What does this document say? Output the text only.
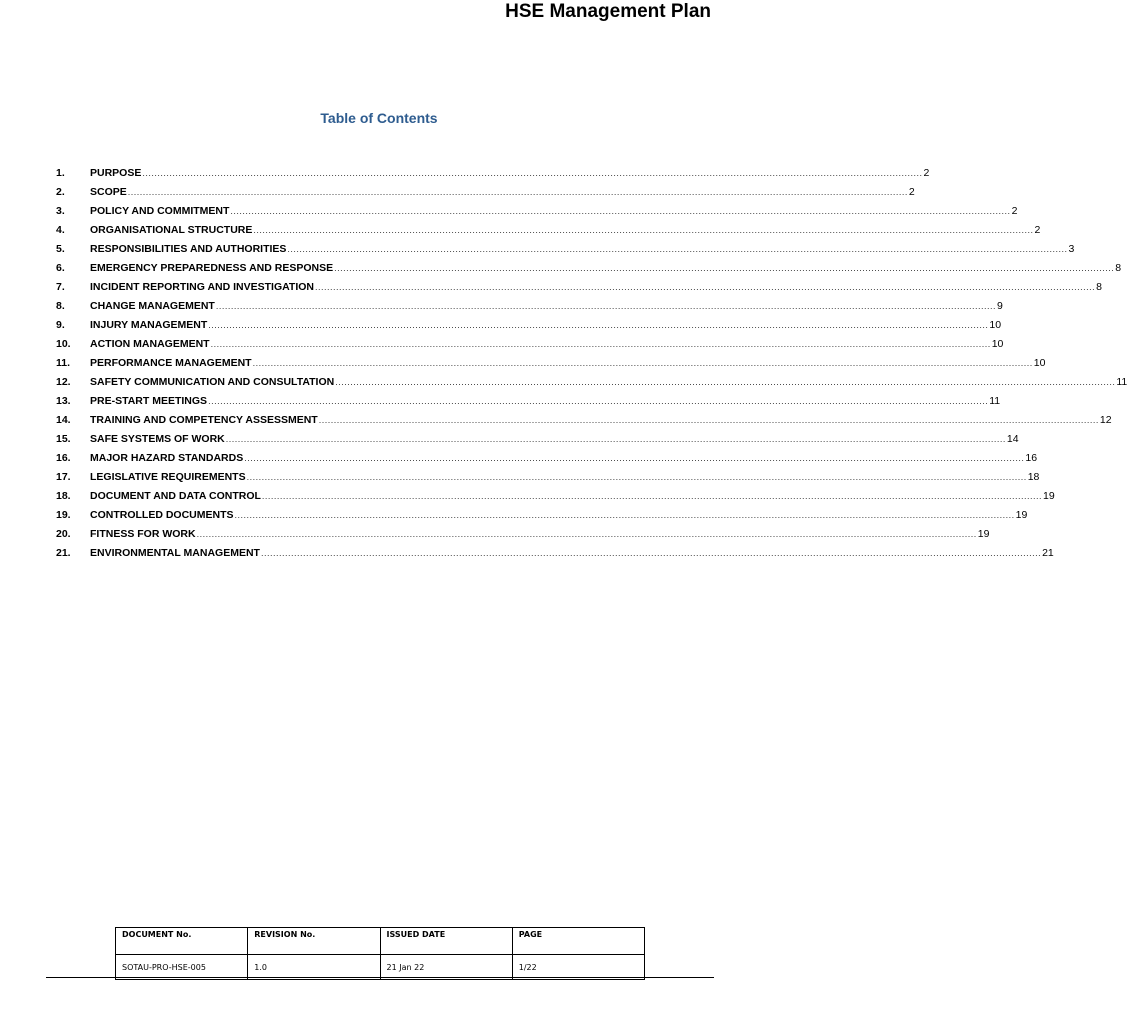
HSE Management Plan
Table of Contents
1.	PURPOSE .................................................................................................................................................................................................................................................................... 2
2.	SCOPE .................................................................................................................................................................................................................................................................... 2
3.	POLICY AND COMMITMENT .................................................................................................................................................................................................................................................................... 2
4.	ORGANISATIONAL STRUCTURE .................................................................................................................................................................................................................................................................... 2
5.	RESPONSIBILITIES AND AUTHORITIES .................................................................................................................................................................................................................................................................... 3
6.	EMERGENCY PREPAREDNESS AND RESPONSE .................................................................................................................................................................................................................................................................... 8
7.	INCIDENT REPORTING AND INVESTIGATION .................................................................................................................................................................................................................................................................... 8
8.	CHANGE MANAGEMENT .................................................................................................................................................................................................................................................................... 9
9.	INJURY MANAGEMENT .................................................................................................................................................................................................................................................................... 10
10.	ACTION MANAGEMENT .................................................................................................................................................................................................................................................................... 10
11.	PERFORMANCE MANAGEMENT .................................................................................................................................................................................................................................................................... 10
12.	SAFETY COMMUNICATION AND CONSULTATION .................................................................................................................................................................................................................................................................... 11
13.	PRE-START MEETINGS .................................................................................................................................................................................................................................................................... 11
14.	TRAINING AND COMPETENCY ASSESSMENT .................................................................................................................................................................................................................................................................... 12
15.	SAFE SYSTEMS OF WORK .................................................................................................................................................................................................................................................................... 14
16.	MAJOR HAZARD STANDARDS .................................................................................................................................................................................................................................................................... 16
17.	LEGISLATIVE REQUIREMENTS .................................................................................................................................................................................................................................................................... 18
18.	DOCUMENT AND DATA CONTROL .................................................................................................................................................................................................................................................................... 19
19.	CONTROLLED DOCUMENTS .................................................................................................................................................................................................................................................................... 19
20.	FITNESS FOR WORK .................................................................................................................................................................................................................................................................... 19
21.	ENVIRONMENTAL MANAGEMENT .................................................................................................................................................................................................................................................................... 21
DOCUMENT No.	REVISION No.	ISSUED DATE	PAGE
SOTAU-PRO-HSE-005	1.0	21 Jan 22	1/22
